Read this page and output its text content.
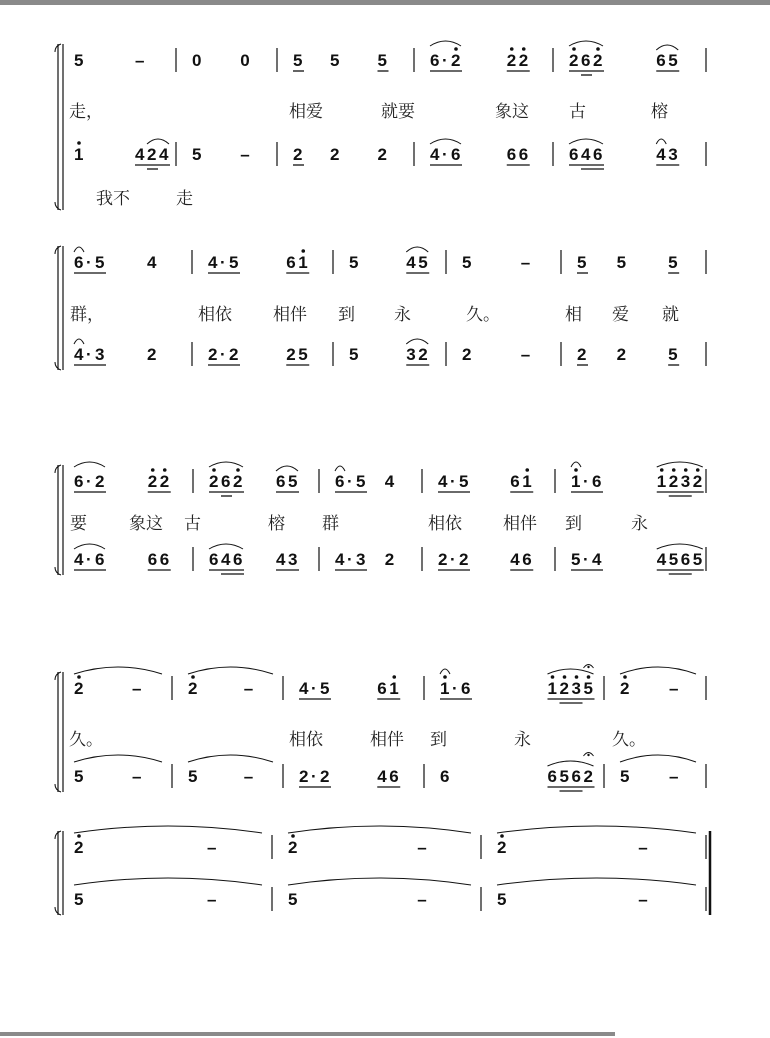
5	–	0 0	5 5 5	6 · 2	2 2 2 6 2	6 5
1	4 2 4 5 –	2 2 2	4 · 6	6 6 6 4 6	4 3
走，	相爱	就要	象这 古	榕
我不	走
6 · 5	4	4 · 5	6 1 5	4 5 5	–	5 5 5
4 · 3	2	2 · 2	2 5 5	3 2 2	–	2 2 5
群，	相依 相伴 到 永	久。	相 爱 就
6 · 2	2 2 2 6 2 6 5 6 · 5 4	4 · 5 6 1 1 · 6	1 2 3 2
4 · 6	6 6 6 4 6 4 3 4 · 3 2	2 · 2 4 6 5 · 4	4 5 6 5
要 象这 古	榕 群	相依 相伴 到	永
2	–	2	–	4 · 5	6 1 1 · 6	1 2 3 5 2 –
5	–	5	–	2 · 2	4 6 6	6 5 6 2 5 –
久。	相依	相伴 到	永	久。
2	–	2	–	2	–
5	–	5	–	5	–
